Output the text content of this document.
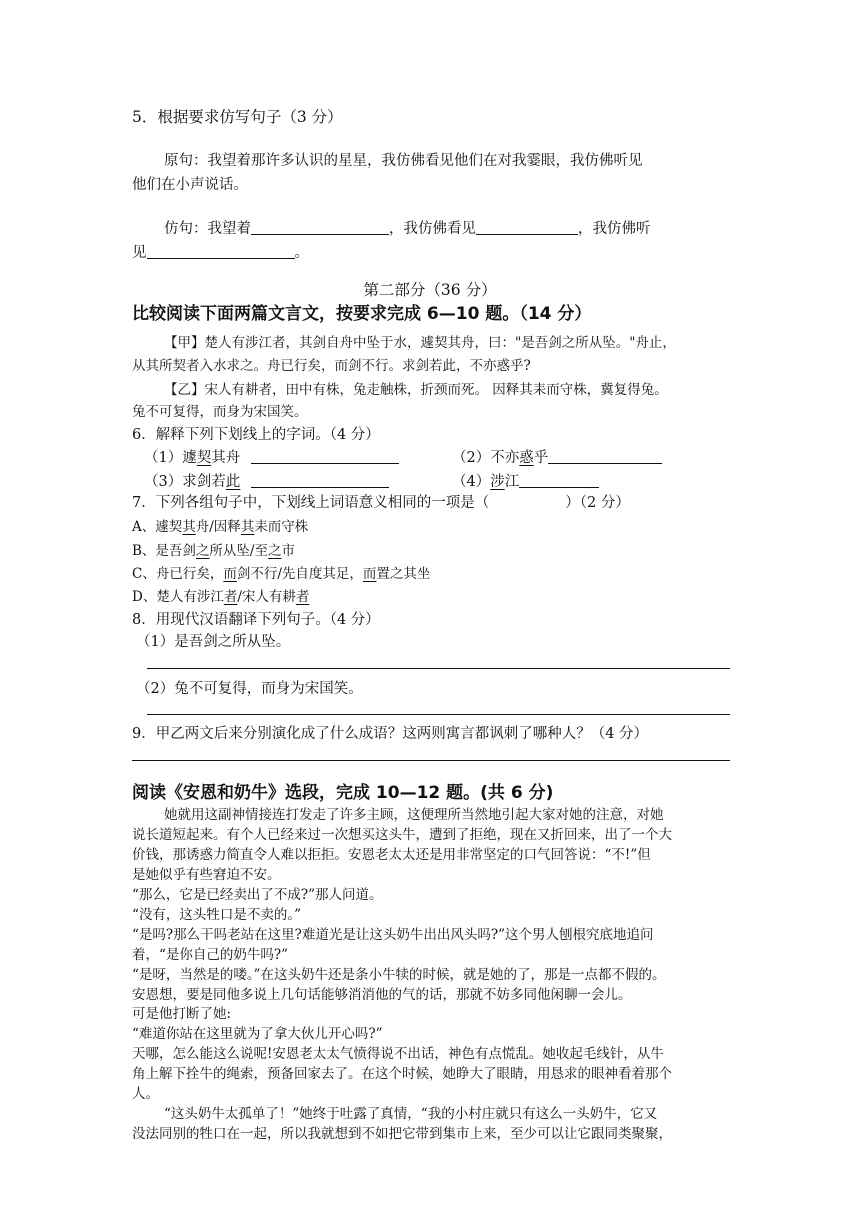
5．根据要求仿写句子（3 分）
原句：我望着那许多认识的星星，我仿佛看见他们在对我霎眼，我仿佛听见
他们在小声说话。
仿句：我望着	，我仿佛看见	，我仿佛听
见	。
第二部分（36 分）
比较阅读下面两篇文言文，按要求完成 6—10 题。（14 分）
【甲】楚人有涉江者，其剑自舟中坠于水，遽契其舟，曰："是吾剑之所从坠。"舟止，
从其所契者入水求之。舟已行矣，而剑不行。求剑若此，不亦惑乎?
【乙】宋人有耕者，田中有株，兔走触株，折颈而死。 因释其耒而守株，冀复得兔。
兔不可复得，而身为宋国笑。
6．解释下列下划线上的字词。（4 分）
（1）遽契其舟	（2）不亦惑乎
（3）求剑若此	（4）涉江
7．下列各组句子中，下划线上词语意义相同的一项是（	）（2 分）
A、遽契其舟/因释其耒而守株
B、是吾剑之所从坠/至之市
C、舟已行矣，而剑不行/先自度其足，而置之其坐
D、楚人有涉江者/宋人有耕者
8．用现代汉语翻译下列句子。（4 分）
（1）是吾剑之所从坠。
（2）兔不可复得，而身为宋国笑。
9．甲乙两文后来分别演化成了什么成语？这两则寓言都讽刺了哪种人？（4 分）
阅读《安恩和奶牛》选段，完成 10—12 题。(共 6 分)
她就用这副神情接连打发走了许多主顾，这便理所当然地引起大家对她的注意，对她
说长道短起来。有个人已经来过一次想买这头牛，遭到了拒绝，现在又折回来，出了一个大
价钱，那诱惑力简直令人难以拒拒。安恩老太太还是用非常坚定的口气回答说：“不!”但
是她似乎有些窘迫不安。
“那么，它是已经卖出了不成?”那人问道。
“没有，这头牲口是不卖的。”
“是吗?那么干吗老站在这里?难道光是让这头奶牛出出风头吗?”这个男人刨根究底地追问
着，“是你自己的奶牛吗?”
“是呀，当然是的喽。”在这头奶牛还是条小牛犊的时候，就是她的了，那是一点都不假的。
安恩想，要是同他多说上几句话能够消消他的气的话，那就不妨多同他闲聊一会儿。
可是他打断了她:
“难道你站在这里就为了拿大伙儿开心吗?”
天哪，怎么能这么说呢!安恩老太太气愤得说不出话，神色有点慌乱。她收起毛线针，从牛
角上解下拴牛的绳索，预备回家去了。在这个时候，她睁大了眼睛，用恳求的眼神看着那个
人。
“这头奶牛太孤单了！”她终于吐露了真情，“我的小村庄就只有这么一头奶牛，它又
没法同别的牲口在一起，所以我就想到不如把它带到集市上来，至少可以让它跟同类聚聚，
